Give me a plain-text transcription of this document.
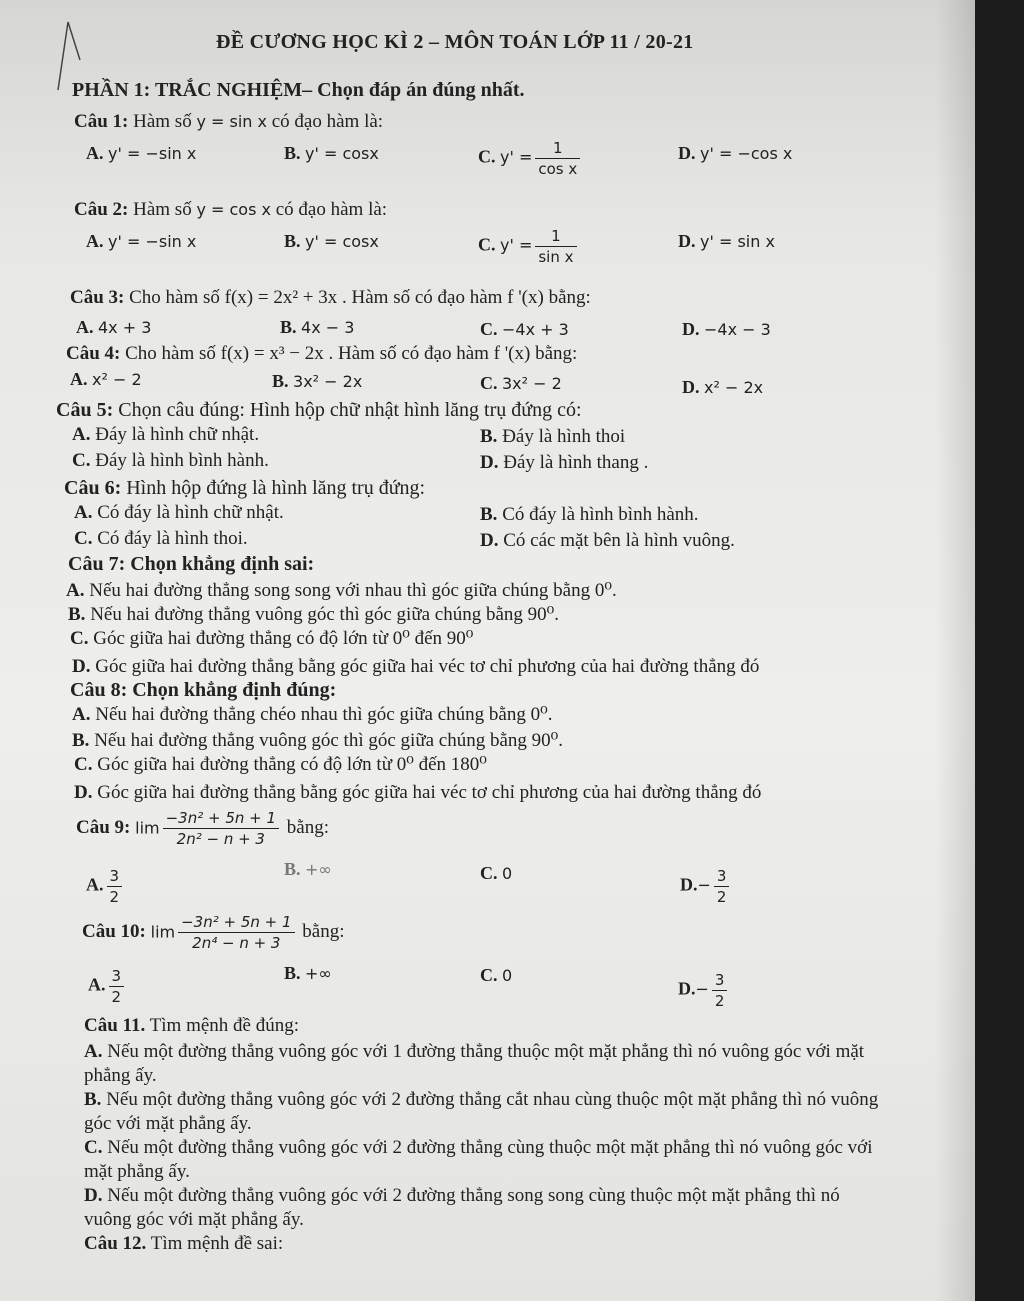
ĐỀ CƯƠNG HỌC KÌ 2 – MÔN TOÁN LỚP 11 / 20-21
PHẦN 1: TRẮC NGHIỆM– Chọn đáp án đúng nhất.
Câu 1: Hàm số y = sin x có đạo hàm là:
A. y' = −sin x	B. y' = cosx	C. $y' = \frac{1}{\text{cos x}}$	D. y' = −cos x
Câu 2: Hàm số y = cos x có đạo hàm là:
A. y' = −sin x	B. y' = cosx	C. $y' = \frac{1}{\text{sin x}}$	D. y' = sin x
Câu 3: Cho hàm số f(x) = 2x² + 3x . Hàm số có đạo hàm f '(x) bằng:
A. 4x + 3	B. 4x − 3	C. −4x + 3	D. −4x − 3
Câu 4: Cho hàm số f(x) = x³ − 2x . Hàm số có đạo hàm f '(x) bằng:
A. x² − 2	B. 3x² − 2x	C. 3x² − 2	D. x² − 2x
Câu 5: Chọn câu đúng: Hình hộp chữ nhật hình lăng trụ đứng có:
A. Đáy là hình chữ nhật.	B. Đáy là hình thoi
C. Đáy là hình bình hành.	D. Đáy là hình thang .
Câu 6: Hình hộp đứng là hình lăng trụ đứng:
A. Có đáy là hình chữ nhật.	B. Có đáy là hình bình hành.
C. Có đáy là hình thoi.	D. Có các mặt bên là hình vuông.
Câu 7: Chọn khẳng định sai:
A. Nếu hai đường thẳng song song với nhau thì góc giữa chúng bằng 0⁰.
B. Nếu hai đường thẳng vuông góc thì góc giữa chúng bằng 90⁰.
C. Góc giữa hai đường thẳng có độ lớn từ 0⁰ đến 90⁰
D. Góc giữa hai đường thẳng bằng góc giữa hai véc tơ chỉ phương của hai đường thẳng đó
Câu 8: Chọn khẳng định đúng:
A. Nếu hai đường thẳng chéo nhau thì góc giữa chúng bằng 0⁰.
B. Nếu hai đường thẳng vuông góc thì góc giữa chúng bằng 90⁰.
C. Góc giữa hai đường thẳng có độ lớn từ 0⁰ đến 180⁰
D. Góc giữa hai đường thẳng bằng góc giữa hai véc tơ chỉ phương của hai đường thẳng đó
Câu 9: $\lim \frac{\text{−3n² + 5n + 1}}{\text{2n² − n + 3}}$ bằng:
A. $\frac{3}{2}$	B. +∞	C. 0
$D.- \frac{3}{2}$
Câu 10: $\lim \frac{\text{−3n² + 5n + 1}}{\text{2n⁴ − n + 3}}$ bằng:
A. $\frac{3}{2}$	B. +∞	C. 0
$D.- \frac{3}{2}$
Câu 11. Tìm mệnh đề đúng:
A. Nếu một đường thẳng vuông góc với 1 đường thẳng thuộc một mặt phẳng thì nó vuông góc với mặt phẳng ấy.
B. Nếu một đường thẳng vuông góc với 2 đường thẳng cắt nhau cùng thuộc một mặt phẳng thì nó vuông góc với mặt phẳng ấy.
C. Nếu một đường thẳng vuông góc với 2 đường thẳng cùng thuộc một mặt phẳng thì nó vuông góc với mặt phẳng ấy.
D. Nếu một đường thẳng vuông góc với 2 đường thẳng song song cùng thuộc một mặt phẳng thì nó vuông góc với mặt phẳng ấy.
Câu 12. Tìm mệnh đề sai:
